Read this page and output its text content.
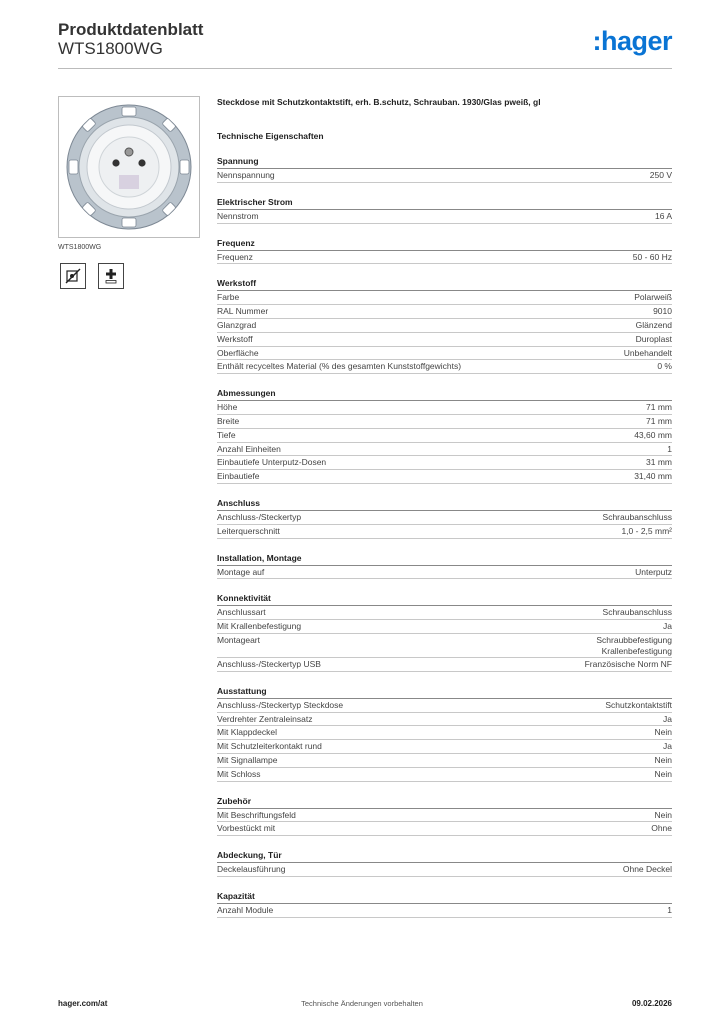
Produktdatenblatt
WTS1800WG	:hager
WTS1800WG
Steckdose mit Schutzkontaktstift, erh. B.schutz, Schrauban. 1930/Glas pweiß, gl
Technische Eigenschaften
Spannung
Nennspannung	250 V
Elektrischer Strom
Nennstrom	16 A
Frequenz
Frequenz	50 - 60 Hz
Werkstoff
Farbe	Polarweiß
RAL Nummer	9010
Glanzgrad	Glänzend
Werkstoff	Duroplast
Oberfläche	Unbehandelt
Enthält recyceltes Material (% des gesamten Kunststoffgewichts)	0 %
Abmessungen
Höhe	71 mm
Breite	71 mm
Tiefe	43,60 mm
Anzahl Einheiten	1
Einbautiefe Unterputz-Dosen	31 mm
Einbautiefe	31,40 mm
Anschluss
Anschluss-/Steckertyp	Schraubanschluss
Leiterquerschnitt	1,0 - 2,5 mm²
Installation, Montage
Montage auf	Unterputz
Konnektivität
Anschlussart	Schraubanschluss
Mit Krallenbefestigung	Ja
Montageart	Schraubbefestigung
Krallenbefestigung
Anschluss-/Steckertyp USB	Französische Norm NF
Ausstattung
Anschluss-/Steckertyp Steckdose	Schutzkontaktstift
Verdrehter Zentraleinsatz	Ja
Mit Klappdeckel	Nein
Mit Schutzleiterkontakt rund	Ja
Mit Signallampe	Nein
Mit Schloss	Nein
Zubehör
Mit Beschriftungsfeld	Nein
Vorbestückt mit	Ohne
Abdeckung, Tür
Deckelausführung	Ohne Deckel
Kapazität
Anzahl Module	1
hager.com/at	Technische Änderungen vorbehalten	09.02.2026
